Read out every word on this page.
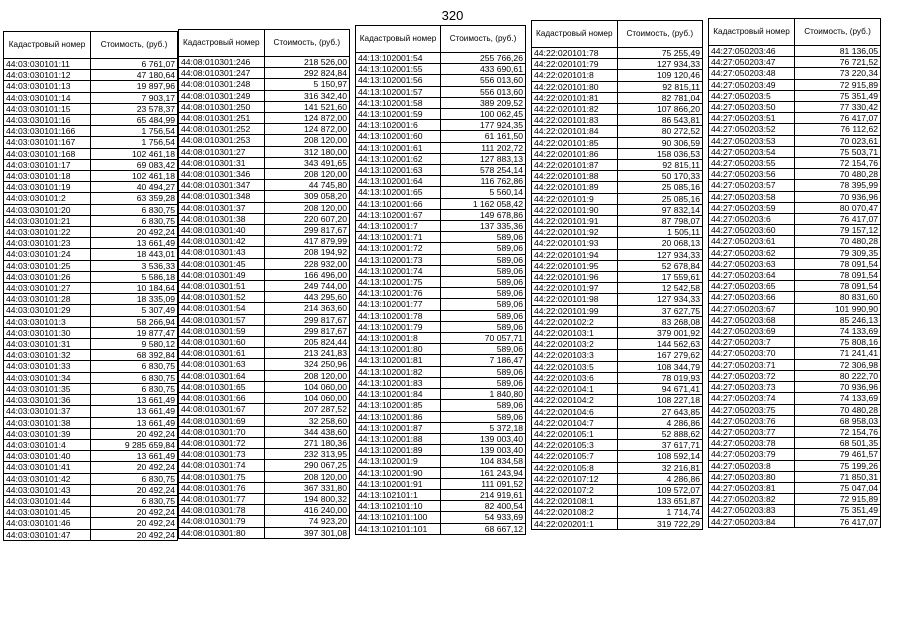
320
Кадастровый номер	Стоимость, (руб.)
44:03:030101:11	6 761,07
44:03:030101:12	47 180,64
44:03:030101:13	19 897,96
44:03:030101:14	7 903,17
44:03:030101:15	23 578,37
44:03:030101:16	65 484,99
44:03:030101:166	1 756,54
44:03:030101:167	1 756,54
44:03:030101:168	102 461,18
44:03:030101:17	69 083,42
44:03:030101:18	102 461,18
44:03:030101:19	40 494,27
44:03:030101:2	63 359,28
44:03:030101:20	6 830,75
44:03:030101:21	6 830,75
44:03:030101:22	20 492,24
44:03:030101:23	13 661,49
44:03:030101:24	18 443,01
44:03:030101:25	3 536,33
44:03:030101:26	5 586,18
44:03:030101:27	10 184,64
44:03:030101:28	18 335,09
44:03:030101:29	5 307,49
44:03:030101:3	58 266,94
44:03:030101:30	19 877,47
44:03:030101:31	9 580,12
44:03:030101:32	68 392,84
44:03:030101:33	6 830,75
44:03:030101:34	6 830,75
44:03:030101:35	6 830,75
44:03:030101:36	13 661,49
44:03:030101:37	13 661,49
44:03:030101:38	13 661,49
44:03:030101:39	20 492,24
44:03:030101:4	9 285 659,84
44:03:030101:40	13 661,49
44:03:030101:41	20 492,24
44:03:030101:42	6 830,75
44:03:030101:43	20 492,24
44:03:030101:44	6 830,75
44:03:030101:45	20 492,24
44:03:030101:46	20 492,24
44:03:030101:47	20 492,24
Кадастровый номер	Стоимость, (руб.)
44:08:010301:246	218 526,00
44:08:010301:247	292 824,84
44:08:010301:248	5 150,97
44:08:010301:249	316 342,40
44:08:010301:250	141 521,60
44:08:010301:251	124 872,00
44:08:010301:252	124 872,00
44:08:010301:253	208 120,00
44:08:010301:27	312 180,00
44:08:010301:31	343 491,65
44:08:010301:346	208 120,00
44:08:010301:347	44 745,80
44:08:010301:348	309 058,20
44:08:010301:37	208 120,00
44:08:010301:38	220 607,20
44:08:010301:40	299 817,67
44:08:010301:42	417 879,99
44:08:010301:43	208 194,92
44:08:010301:45	228 932,00
44:08:010301:49	166 496,00
44:08:010301:51	249 744,00
44:08:010301:52	443 295,60
44:08:010301:54	214 363,60
44:08:010301:57	299 817,67
44:08:010301:59	299 817,67
44:08:010301:60	205 824,44
44:08:010301:61	213 241,83
44:08:010301:63	324 250,96
44:08:010301:64	208 120,00
44:08:010301:65	104 060,00
44:08:010301:66	104 060,00
44:08:010301:67	207 287,52
44:08:010301:69	32 258,60
44:08:010301:70	344 438,60
44:08:010301:72	271 180,36
44:08:010301:73	232 313,95
44:08:010301:74	290 067,25
44:08:010301:75	208 120,00
44:08:010301:76	367 331,80
44:08:010301:77	194 800,32
44:08:010301:78	416 240,00
44:08:010301:79	74 923,20
44:08:010301:80	397 301,08
Кадастровый номер	Стоимость, (руб.)
44:13:102001:54	255 766,26
44:13:102001:55	433 690,61
44:13:102001:56	556 013,60
44:13:102001:57	556 013,60
44:13:102001:58	389 209,52
44:13:102001:59	100 062,45
44:13:102001:6	177 924,35
44:13:102001:60	61 161,50
44:13:102001:61	111 202,72
44:13:102001:62	127 883,13
44:13:102001:63	578 254,14
44:13:102001:64	116 762,86
44:13:102001:65	5 560,14
44:13:102001:66	1 162 058,42
44:13:102001:67	149 678,86
44:13:102001:7	137 335,36
44:13:102001:71	589,06
44:13:102001:72	589,06
44:13:102001:73	589,06
44:13:102001:74	589,06
44:13:102001:75	589,06
44:13:102001:76	589,06
44:13:102001:77	589,06
44:13:102001:78	589,06
44:13:102001:79	589,06
44:13:102001:8	70 057,71
44:13:102001:80	589,06
44:13:102001:81	7 186,47
44:13:102001:82	589,06
44:13:102001:83	589,06
44:13:102001:84	1 840,80
44:13:102001:85	589,06
44:13:102001:86	589,06
44:13:102001:87	5 372,18
44:13:102001:88	139 003,40
44:13:102001:89	139 003,40
44:13:102001:9	104 834,58
44:13:102001:90	161 243,94
44:13:102001:91	111 091,52
44:13:102101:1	214 919,61
44:13:102101:10	82 400,54
44:13:102101:100	54 933,69
44:13:102101:101	68 667,12
Кадастровый номер	Стоимость, (руб.)
44:22:020101:78	75 255,49
44:22:020101:79	127 934,33
44:22:020101:8	109 120,46
44:22:020101:80	92 815,11
44:22:020101:81	82 781,04
44:22:020101:82	107 866,20
44:22:020101:83	86 543,81
44:22:020101:84	80 272,52
44:22:020101:85	90 306,59
44:22:020101:86	158 036,53
44:22:020101:87	92 815,11
44:22:020101:88	50 170,33
44:22:020101:89	25 085,16
44:22:020101:9	25 085,16
44:22:020101:90	97 832,14
44:22:020101:91	87 798,07
44:22:020101:92	1 505,11
44:22:020101:93	20 068,13
44:22:020101:94	127 934,33
44:22:020101:95	52 678,84
44:22:020101:96	17 559,61
44:22:020101:97	12 542,58
44:22:020101:98	127 934,33
44:22:020101:99	37 627,75
44:22:020102:2	83 268,08
44:22:020103:1	379 001,92
44:22:020103:2	144 562,63
44:22:020103:3	167 279,62
44:22:020103:5	108 344,79
44:22:020103:6	78 019,93
44:22:020104:1	94 671,41
44:22:020104:2	108 227,18
44:22:020104:6	27 643,85
44:22:020104:7	4 286,86
44:22:020105:1	52 888,62
44:22:020105:3	37 617,71
44:22:020105:7	108 592,14
44:22:020105:8	32 216,81
44:22:020107:12	4 286,86
44:22:020107:2	109 572,07
44:22:020108:1	133 651,87
44:22:020108:2	1 714,74
44:22:020201:1	319 722,29
Кадастровый номер	Стоимость, (руб.)
44:27:050203:46	81 136,05
44:27:050203:47	76 721,52
44:27:050203:48	73 220,34
44:27:050203:49	72 915,89
44:27:050203:5	75 351,49
44:27:050203:50	77 330,42
44:27:050203:51	76 417,07
44:27:050203:52	76 112,62
44:27:050203:53	70 023,61
44:27:050203:54	75 503,71
44:27:050203:55	72 154,76
44:27:050203:56	70 480,28
44:27:050203:57	78 395,99
44:27:050203:58	70 936,96
44:27:050203:59	80 070,47
44:27:050203:6	76 417,07
44:27:050203:60	79 157,12
44:27:050203:61	70 480,28
44:27:050203:62	79 309,35
44:27:050203:63	78 091,54
44:27:050203:64	78 091,54
44:27:050203:65	78 091,54
44:27:050203:66	80 831,60
44:27:050203:67	101 990,90
44:27:050203:68	85 246,13
44:27:050203:69	74 133,69
44:27:050203:7	75 808,16
44:27:050203:70	71 241,41
44:27:050203:71	72 306,98
44:27:050203:72	80 222,70
44:27:050203:73	70 936,96
44:27:050203:74	74 133,69
44:27:050203:75	70 480,28
44:27:050203:76	68 958,03
44:27:050203:77	72 154,76
44:27:050203:78	68 501,35
44:27:050203:79	79 461,57
44:27:050203:8	75 199,26
44:27:050203:80	71 850,31
44:27:050203:81	75 047,04
44:27:050203:82	72 915,89
44:27:050203:83	75 351,49
44:27:050203:84	76 417,07
